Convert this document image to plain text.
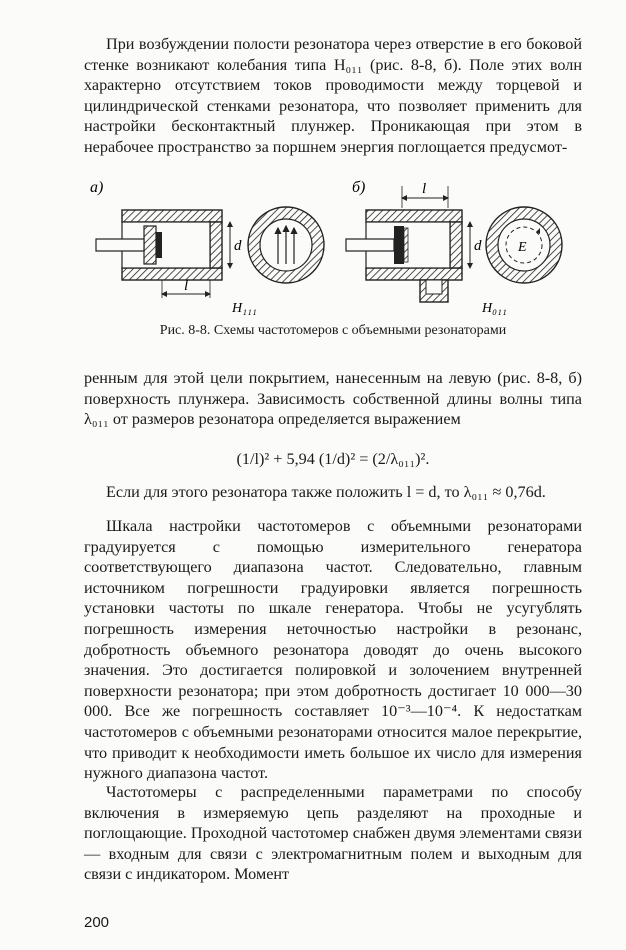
При возбуждении полости резонатора через отверстие в его боковой стенке возникают колебания типа H₀₁₁ (рис. 8-8, б). Поле этих волн характерно отсутствием токов проводимости между торцевой и цилиндрической стенками резонатора, что позволяет применить для настройки бесконтактный плунжер. Проникающая при этом в нерабочее пространство за поршнем энергия поглощается предусмот-

а)
d
l
H₁₁₁
б)	l
d	E
H₀₁₁
Рис. 8-8. Схемы частотомеров с объемными резонаторами

ренным для этой цели покрытием, нанесенным на левую (рис. 8-8, б) поверхность плунжера. Зависимость собственной длины волны типа λ₀₁₁ от размеров резонатора определяется выражением

(1/l)² + 5,94 (1/d)² = (2/λ₀₁₁)².

Если для этого резонатора также положить l = d, то λ₀₁₁ ≈ 0,76d.

Шкала настройки частотомеров с объемными резонаторами градуируется с помощью измерительного генератора соответствующего диапазона частот. Следовательно, главным источником погрешности градуировки является погрешность установки частоты по шкале генератора. Чтобы не усугублять погрешность измерения неточностью настройки в резонанс, добротность объемного резонатора доводят до очень высокого значения. Это достигается полировкой и золочением внутренней поверхности резонатора; при этом добротность достигает 10 000—30 000. Все же погрешность составляет 10⁻³—10⁻⁴. К недостаткам частотомеров с объемными резонаторами относится малое перекрытие, что приводит к необходимости иметь большое их число для измерения нужного диапазона частот.

Частотомеры с распределенными параметрами по способу включения в измеряемую цепь разделяют на проходные и поглощающие. Проходной частотомер снабжен двумя элементами связи — входным для связи с электромагнитным полем и выходным для связи с индикатором. Момент

200
